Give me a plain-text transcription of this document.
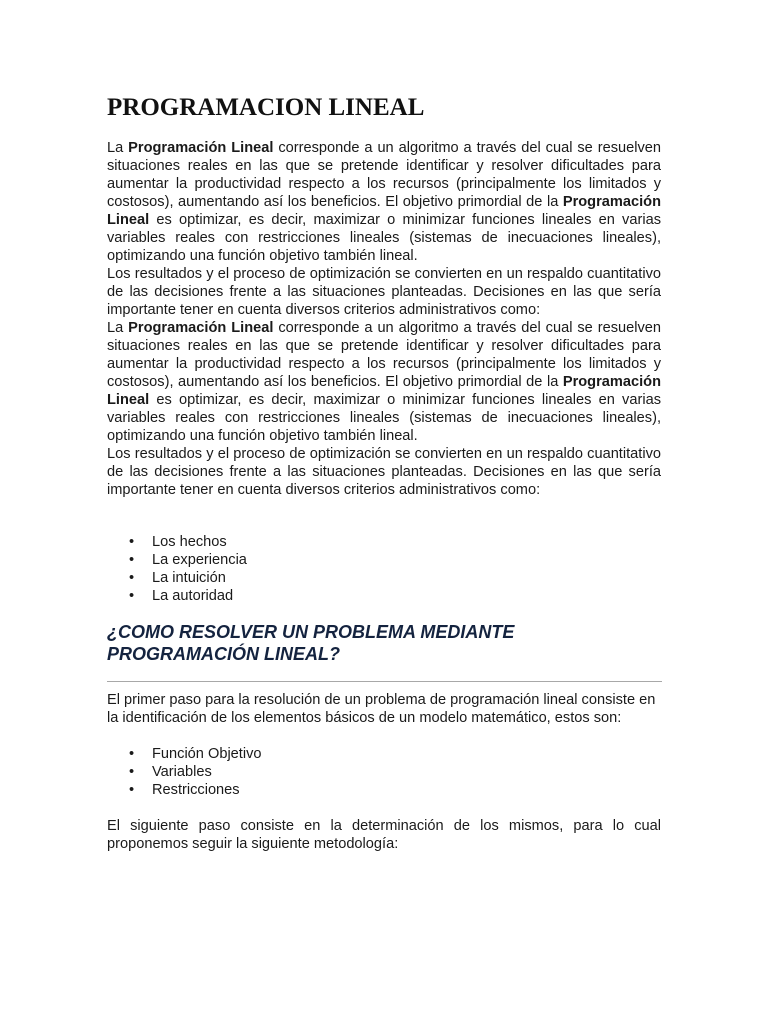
PROGRAMACION LINEAL

La Programación Lineal corresponde a un algoritmo a través del cual se resuelven situaciones reales en las que se pretende identificar y resolver dificultades para aumentar la productividad respecto a los recursos (principalmente los limitados y costosos), aumentando así los beneficios. El objetivo primordial de la Programación Lineal es optimizar, es decir, maximizar o minimizar funciones lineales en varias variables reales con restricciones lineales (sistemas de inecuaciones lineales), optimizando una función objetivo también lineal.

Los resultados y el proceso de optimización se convierten en un respaldo cuantitativo de las decisiones frente a las situaciones planteadas. Decisiones en las que sería importante tener en cuenta diversos criterios administrativos como:

La Programación Lineal corresponde a un algoritmo a través del cual se resuelven situaciones reales en las que se pretende identificar y resolver dificultades para aumentar la productividad respecto a los recursos (principalmente los limitados y costosos), aumentando así los beneficios. El objetivo primordial de la Programación Lineal es optimizar, es decir, maximizar o minimizar funciones lineales en varias variables reales con restricciones lineales (sistemas de inecuaciones lineales), optimizando una función objetivo también lineal.

Los resultados y el proceso de optimización se convierten en un respaldo cuantitativo de las decisiones frente a las situaciones planteadas. Decisiones en las que sería importante tener en cuenta diversos criterios administrativos como:

• Los hechos
• La experiencia
• La intuición
• La autoridad
¿COMO RESOLVER UN PROBLEMA MEDIANTE PROGRAMACIÓN LINEAL?

El primer paso para la resolución de un problema de programación lineal consiste en la identificación de los elementos básicos de un modelo matemático, estos son:

• Función Objetivo
• Variables
• Restricciones

El siguiente paso consiste en la determinación de los mismos, para lo cual proponemos seguir la siguiente metodología:
